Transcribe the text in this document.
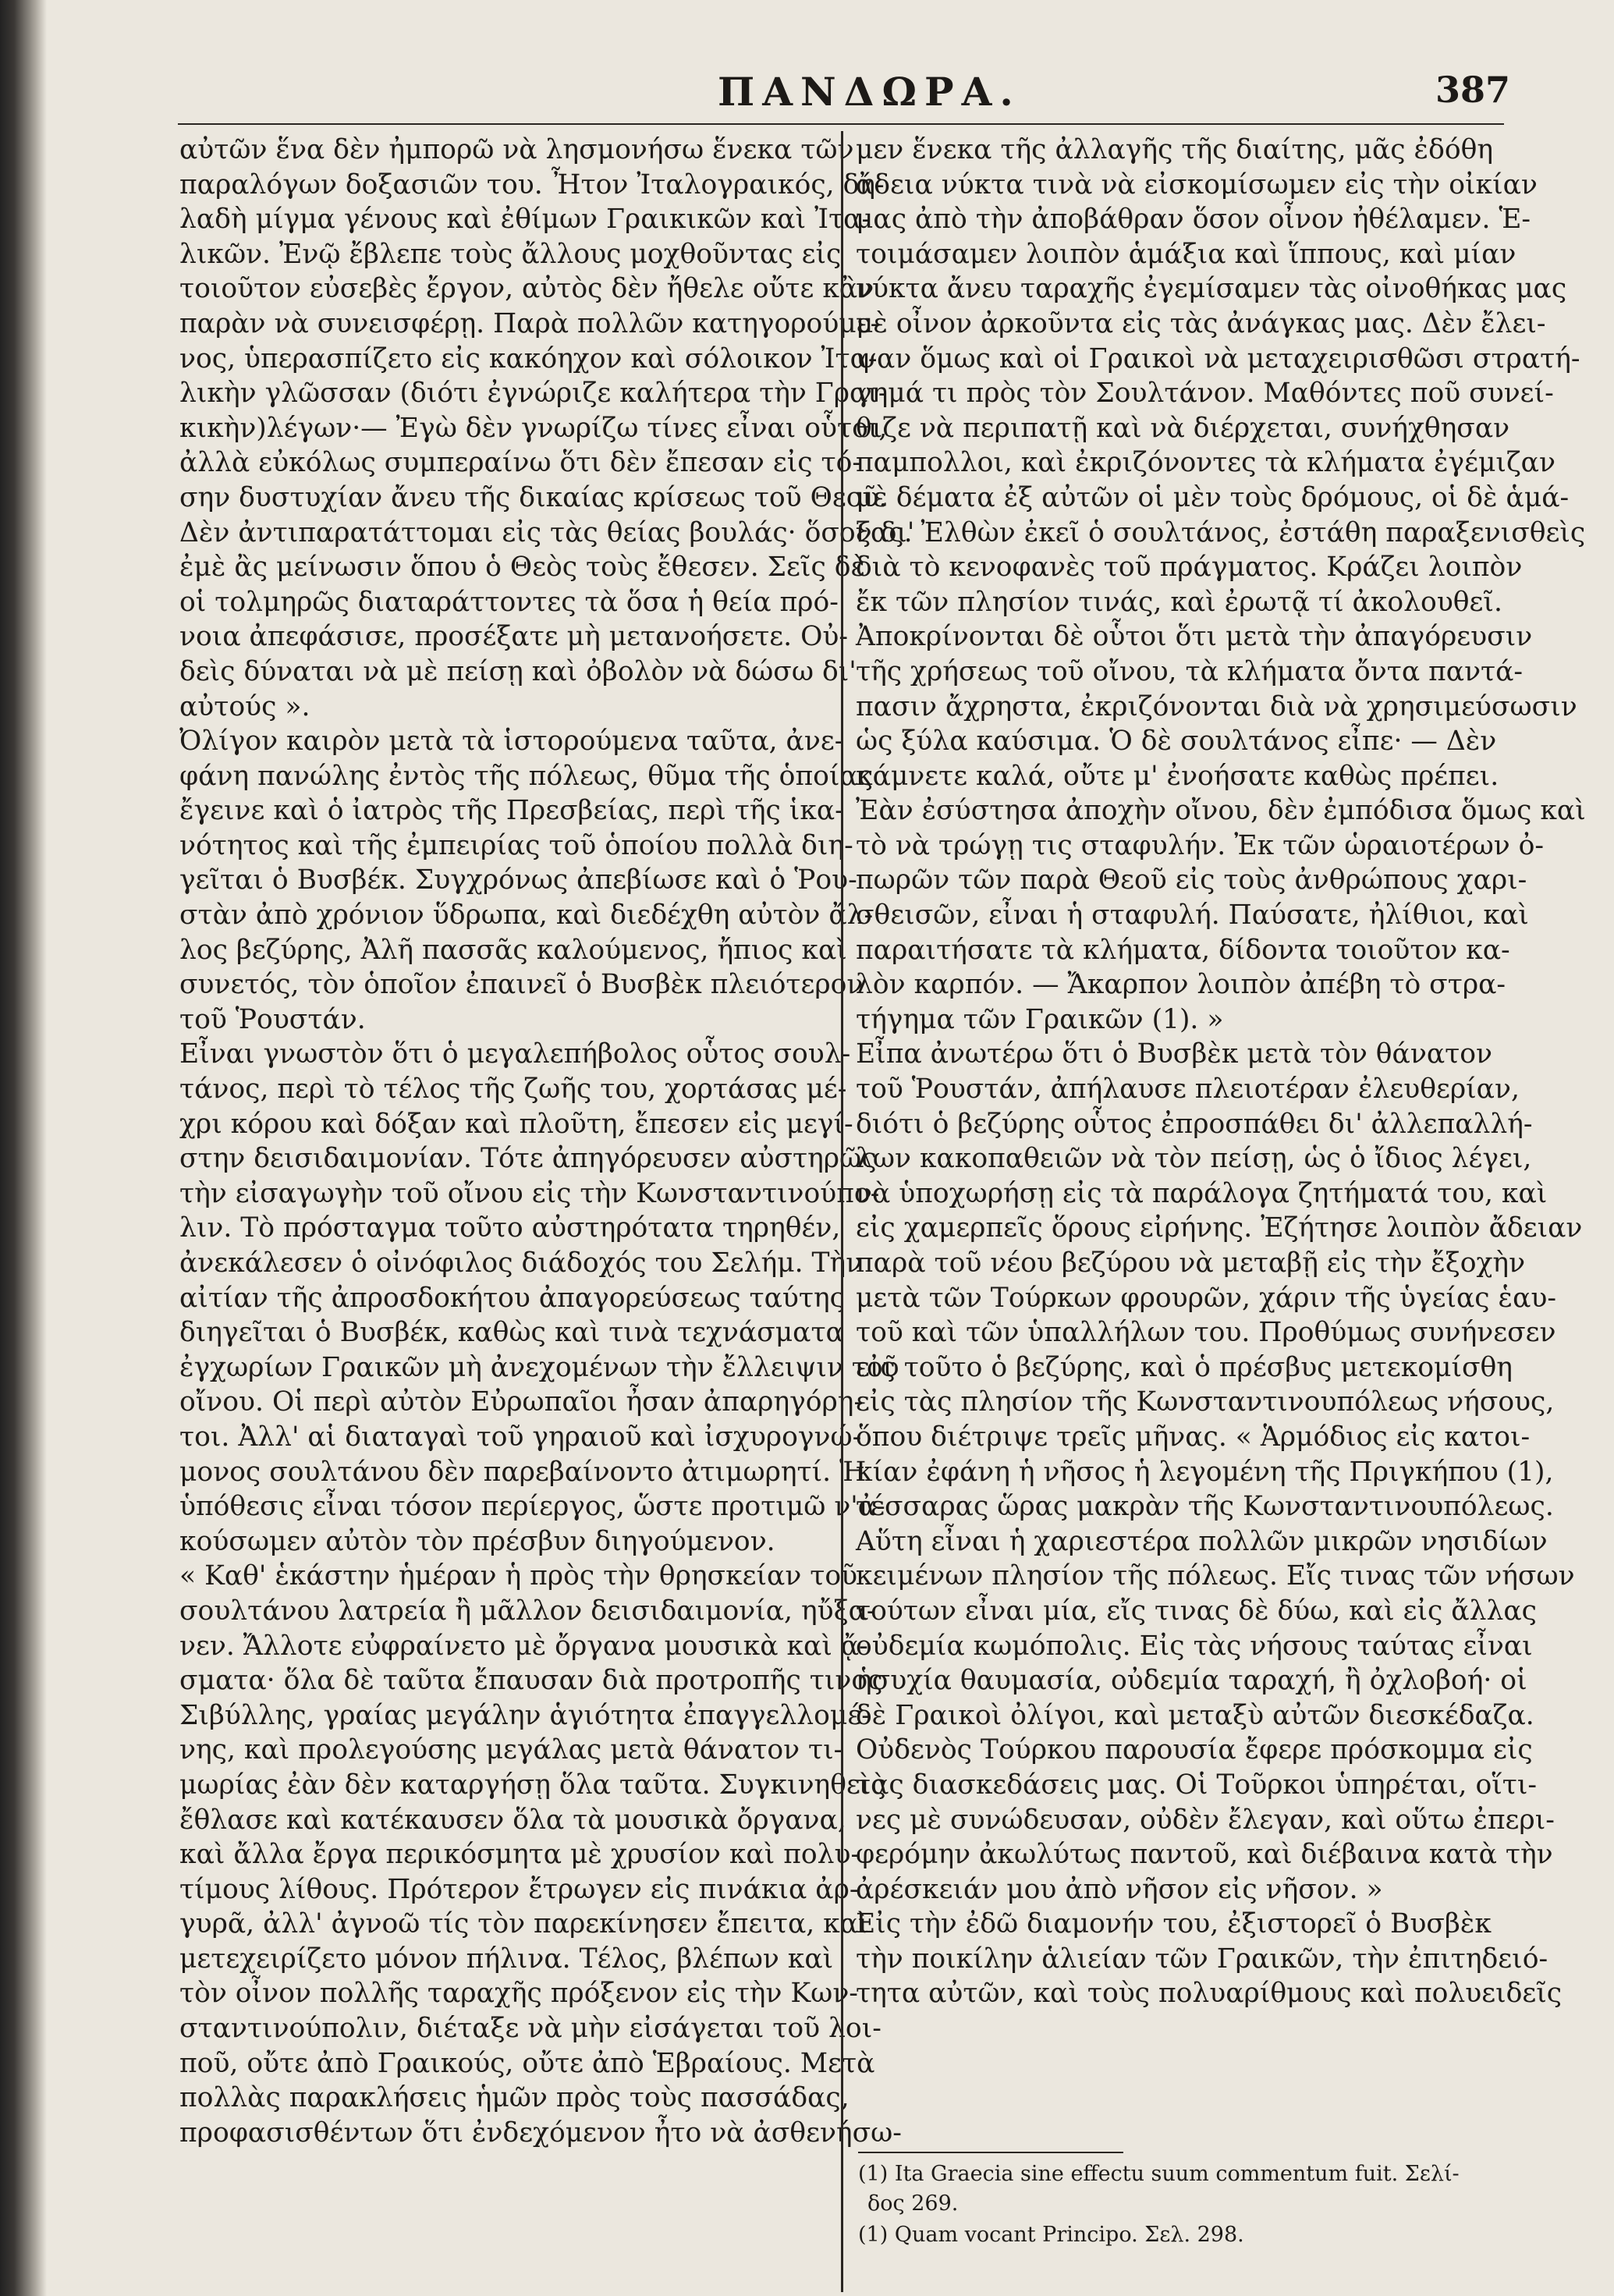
ΠΑΝΔΩΡΑ.	387
αὐτῶν ἕνα δὲν ἠμπορῶ νὰ λησμονήσω ἕνεκα τῶν
παραλόγων δοξασιῶν του. Ἦτον Ἰταλογραικός, δη-
λαδὴ μίγμα γένους καὶ ἐθίμων Γραικικῶν καὶ Ἰτα-
λικῶν. Ἐνῷ ἔβλεπε τοὺς ἄλλους μοχθοῦντας εἰς
τοιοῦτον εὐσεβὲς ἔργον, αὐτὸς δὲν ἤθελε οὔτε κἂν
παρὰν νὰ συνεισφέρῃ. Παρὰ πολλῶν κατηγορούμε-
νος, ὑπερασπίζετο εἰς κακόηχον καὶ σόλοικον Ἰτα-
λικὴν γλῶσσαν (διότι ἐγνώριζε καλήτερα τὴν Γραι-
κικὴν)λέγων·— Ἐγὼ δὲν γνωρίζω τίνες εἶναι οὗτοι,
ἀλλὰ εὐκόλως συμπεραίνω ὅτι δὲν ἔπεσαν εἰς τό-
σην δυστυχίαν ἄνευ τῆς δικαίας κρίσεως τοῦ Θεοῦ.
Δὲν ἀντιπαρατάττομαι εἰς τὰς θείας βουλάς· ὅσον δι'
ἐμὲ ἂς μείνωσιν ὅπου ὁ Θεὸς τοὺς ἔθεσεν. Σεῖς δὲ
οἱ τολμηρῶς διαταράττοντες τὰ ὅσα ἡ θεία πρό-
νοια ἀπεφάσισε, προσέξατε μὴ μετανοήσετε. Οὐ-
δεὶς δύναται νὰ μὲ πείσῃ καὶ ὀβολὸν νὰ δώσω δι'
αὐτούς ».
Ὀλίγον καιρὸν μετὰ τὰ ἱστορούμενα ταῦτα, ἀνε-
φάνη πανώλης ἐντὸς τῆς πόλεως, θῦμα τῆς ὁποίας
ἔγεινε καὶ ὁ ἰατρὸς τῆς Πρεσβείας, περὶ τῆς ἱκα-
νότητος καὶ τῆς ἐμπειρίας τοῦ ὁποίου πολλὰ διη-
γεῖται ὁ Βυσβέκ. Συγχρόνως ἀπεβίωσε καὶ ὁ Ῥου-
στὰν ἀπὸ χρόνιον ὕδρωπα, καὶ διεδέχθη αὐτὸν ἄλ-
λος βεζύρης, Ἀλῆ πασσᾶς καλούμενος, ἤπιος καὶ
συνετός, τὸν ὁποῖον ἐπαινεῖ ὁ Βυσβὲκ πλειότερον
τοῦ Ῥουστάν.
Εἶναι γνωστὸν ὅτι ὁ μεγαλεπήβολος οὗτος σουλ-
τάνος, περὶ τὸ τέλος τῆς ζωῆς του, χορτάσας μέ-
χρι κόρου καὶ δόξαν καὶ πλοῦτη, ἔπεσεν εἰς μεγί-
στην δεισιδαιμονίαν. Τότε ἀπηγόρευσεν αὐστηρῶς
τὴν εἰσαγωγὴν τοῦ οἴνου εἰς τὴν Κωνσταντινούπο-
λιν. Τὸ πρόσταγμα τοῦτο αὐστηρότατα τηρηθέν,
ἀνεκάλεσεν ὁ οἰνόφιλος διάδοχός του Σελήμ. Τὴν
αἰτίαν τῆς ἀπροσδοκήτου ἀπαγορεύσεως ταύτης
διηγεῖται ὁ Βυσβέκ, καθὼς καὶ τινὰ τεχνάσματα
ἐγχωρίων Γραικῶν μὴ ἀνεχομένων τὴν ἔλλειψιν τοῦ
οἴνου. Οἱ περὶ αὐτὸν Εὐρωπαῖοι ἦσαν ἀπαρηγόρη-
τοι. Ἀλλ' αἱ διαταγαὶ τοῦ γηραιοῦ καὶ ἰσχυρογνώ-
μονος σουλτάνου δὲν παρεβαίνοντο ἀτιμωρητί. Ἡ
ὑπόθεσις εἶναι τόσον περίεργος, ὥστε προτιμῶ ν'ἀ-
κούσωμεν αὐτὸν τὸν πρέσβυν διηγούμενον.
« Καθ' ἑκάστην ἡμέραν ἡ πρὸς τὴν θρησκείαν τοῦ
σουλτάνου λατρεία ἢ μᾶλλον δεισιδαιμονία, ηὔξα-
νεν. Ἄλλοτε εὐφραίνετο μὲ ὄργανα μουσικὰ καὶ ᾄ-
σματα· ὅλα δὲ ταῦτα ἔπαυσαν διὰ προτροπῆς τινος
Σιβύλλης, γραίας μεγάλην ἁγιότητα ἐπαγγελλομέ-
νης, καὶ προλεγούσης μεγάλας μετὰ θάνατον τι-
μωρίας ἐὰν δὲν καταργήσῃ ὅλα ταῦτα. Συγκινηθεὶς
ἔθλασε καὶ κατέκαυσεν ὅλα τὰ μουσικὰ ὄργανα,
καὶ ἄλλα ἔργα περικόσμητα μὲ χρυσίον καὶ πολυ-
τίμους λίθους. Πρότερον ἔτρωγεν εἰς πινάκια ἀρ-
γυρᾶ, ἀλλ' ἀγνοῶ τίς τὸν παρεκίνησεν ἔπειτα, καὶ
μετεχειρίζετο μόνον πήλινα. Τέλος, βλέπων καὶ
τὸν οἶνον πολλῆς ταραχῆς πρόξενον εἰς τὴν Κων-
σταντινούπολιν, διέταξε νὰ μὴν εἰσάγεται τοῦ λοι-
ποῦ, οὔτε ἀπὸ Γραικούς, οὔτε ἀπὸ Ἑβραίους. Μετὰ
πολλὰς παρακλήσεις ἡμῶν πρὸς τοὺς πασσάδας,
προφασισθέντων ὅτι ἐνδεχόμενον ἦτο νὰ ἀσθενήσω-
μεν ἕνεκα τῆς ἀλλαγῆς τῆς διαίτης, μᾶς ἐδόθη
ἄδεια νύκτα τινὰ νὰ εἰσκομίσωμεν εἰς τὴν οἰκίαν
μας ἀπὸ τὴν ἀποβάθραν ὅσον οἶνον ἠθέλαμεν. Ἑ-
τοιμάσαμεν λοιπὸν ἁμάξια καὶ ἵππους, καὶ μίαν
νύκτα ἄνευ ταραχῆς ἐγεμίσαμεν τὰς οἰνοθήκας μας
μὲ οἶνον ἀρκοῦντα εἰς τὰς ἀνάγκας μας. Δὲν ἔλει-
ψαν ὅμως καὶ οἱ Γραικοὶ νὰ μεταχειρισθῶσι στρατή-
γημά τι πρὸς τὸν Σουλτάνον. Μαθόντες ποῦ συνεί-
θιζε νὰ περιπατῇ καὶ νὰ διέρχεται, συνήχθησαν
παμπολλοι, καὶ ἐκριζόνοντες τὰ κλήματα ἐγέμιζαν
μὲ δέματα ἐξ αὐτῶν οἱ μὲν τοὺς δρόμους, οἱ δὲ ἁμά-
ξας. Ἐλθὼν ἐκεῖ ὁ σουλτάνος, ἐστάθη παραξενισθεὶς
διὰ τὸ κενοφανὲς τοῦ πράγματος. Κράζει λοιπὸν
ἔκ τῶν πλησίον τινάς, καὶ ἐρωτᾷ τί ἀκολουθεῖ.
Ἀποκρίνονται δὲ οὗτοι ὅτι μετὰ τὴν ἀπαγόρευσιν
τῆς χρήσεως τοῦ οἴνου, τὰ κλήματα ὄντα παντά-
πασιν ἄχρηστα, ἐκριζόνονται διὰ νὰ χρησιμεύσωσιν
ὡς ξύλα καύσιμα. Ὁ δὲ σουλτάνος εἶπε· — Δὲν
κάμνετε καλά, οὔτε μ' ἐνοήσατε καθὼς πρέπει.
Ἐὰν ἐσύστησα ἀποχὴν οἴνου, δὲν ἐμπόδισα ὅμως καὶ
τὸ νὰ τρώγῃ τις σταφυλήν. Ἐκ τῶν ὡραιοτέρων ὀ-
πωρῶν τῶν παρὰ Θεοῦ εἰς τοὺς ἀνθρώπους χαρι-
σθεισῶν, εἶναι ἡ σταφυλή. Παύσατε, ἠλίθιοι, καὶ
παραιτήσατε τὰ κλήματα, δίδοντα τοιοῦτον κα-
λὸν καρπόν. — Ἄκαρπον λοιπὸν ἀπέβη τὸ στρα-
τήγημα τῶν Γραικῶν (1). »
Εἶπα ἀνωτέρω ὅτι ὁ Βυσβὲκ μετὰ τὸν θάνατον
τοῦ Ῥουστάν, ἀπήλαυσε πλειοτέραν ἐλευθερίαν,
διότι ὁ βεζύρης οὗτος ἐπροσπάθει δι' ἀλλεπαλλή-
λων κακοπαθειῶν νὰ τὸν πείσῃ, ὡς ὁ ἴδιος λέγει,
νὰ ὑποχωρήσῃ εἰς τὰ παράλογα ζητήματά του, καὶ
εἰς χαμερπεῖς ὅρους εἰρήνης. Ἐζήτησε λοιπὸν ἄδειαν
παρὰ τοῦ νέου βεζύρου νὰ μεταβῇ εἰς τὴν ἔξοχὴν
μετὰ τῶν Τούρκων φρουρῶν, χάριν τῆς ὑγείας ἑαυ-
τοῦ καὶ τῶν ὑπαλλήλων του. Προθύμως συνήνεσεν
εἰς τοῦτο ὁ βεζύρης, καὶ ὁ πρέσβυς μετεκομίσθη
εἰς τὰς πλησίον τῆς Κωνσταντινουπόλεως νήσους,
ὅπου διέτριψε τρεῖς μῆνας. « Ἁρμόδιος εἰς κατοι-
κίαν ἐφάνη ἡ νῆσος ἡ λεγομένη τῆς Πριγκήπου (1),
τέσσαρας ὥρας μακρὰν τῆς Κωνσταντινουπόλεως.
Αὕτη εἶναι ἡ χαριεστέρα πολλῶν μικρῶν νησιδίων
κειμένων πλησίον τῆς πόλεως. Εἴς τινας τῶν νήσων
τούτων εἶναι μία, εἴς τινας δὲ δύω, καὶ εἰς ἄλλας
οὐδεμία κωμόπολις. Εἰς τὰς νήσους ταύτας εἶναι
ἡσυχία θαυμασία, οὐδεμία ταραχή, ἢ ὀχλοβοή· οἱ
δὲ Γραικοὶ ὀλίγοι, καὶ μεταξὺ αὐτῶν διεσκέδαζα.
Οὐδενὸς Τούρκου παρουσία ἔφερε πρόσκομμα εἰς
τὰς διασκεδάσεις μας. Οἱ Τοῦρκοι ὑπηρέται, οἵτι-
νες μὲ συνώδευσαν, οὐδὲν ἔλεγαν, καὶ οὕτω ἐπερι-
φερόμην ἀκωλύτως παντοῦ, καὶ διέβαινα κατὰ τὴν
ἀρέσκειάν μου ἀπὸ νῆσον εἰς νῆσον. »
Εἰς τὴν ἐδῶ διαμονήν του, ἐξιστορεῖ ὁ Βυσβὲκ
τὴν ποικίλην ἁλιείαν τῶν Γραικῶν, τὴν ἐπιτηδειό-
τητα αὐτῶν, καὶ τοὺς πολυαρίθμους καὶ πολυειδεῖς
(1) Ita Graecia sine effectu suum commentum fuit. Σελί-
δος 269.
(1) Quam vocant Principo. Σελ. 298.
